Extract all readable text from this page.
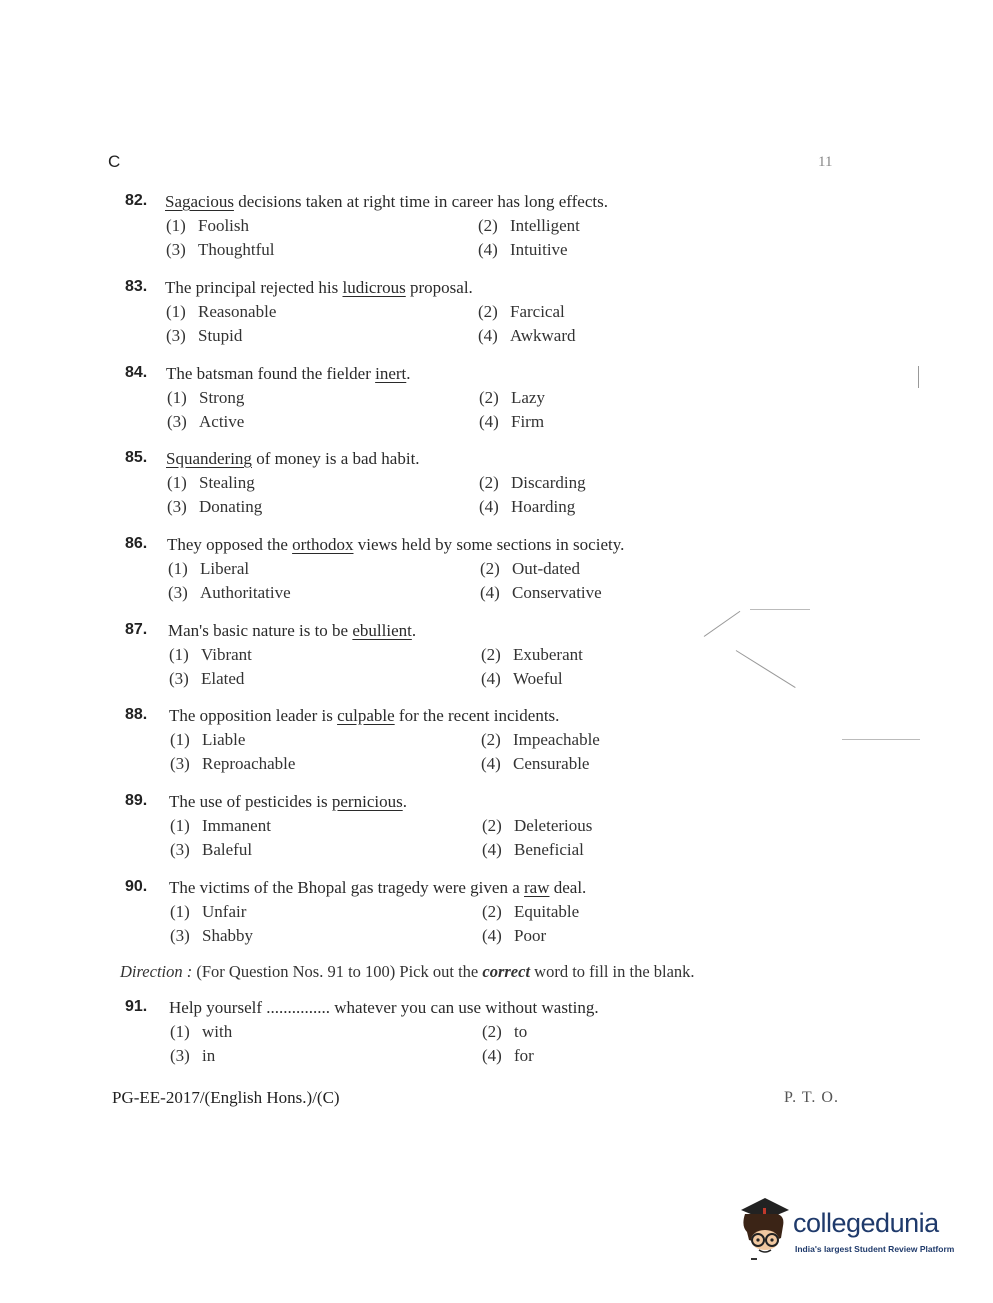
C	11
82. Sagacious decisions taken at right time in career has long effects.
(1) Foolish	(2) Intelligent
(3) Thoughtful	(4) Intuitive
83. The principal rejected his ludicrous proposal.
(1) Reasonable	(2) Farcical
(3) Stupid	(4) Awkward
84. The batsman found the fielder inert.
(1) Strong	(2) Lazy
(3) Active	(4) Firm
85. Squandering of money is a bad habit.
(1) Stealing	(2) Discarding
(3) Donating	(4) Hoarding
86. They opposed the orthodox views held by some sections in society.
(1) Liberal	(2) Out-dated
(3) Authoritative	(4) Conservative
87. Man's basic nature is to be ebullient.
(1) Vibrant	(2) Exuberant
(3) Elated	(4) Woeful
88. The opposition leader is culpable for the recent incidents.
(1) Liable	(2) Impeachable
(3) Reproachable	(4) Censurable
89. The use of pesticides is pernicious.
(1) Immanent	(2) Deleterious
(3) Baleful	(4) Beneficial
90. The victims of the Bhopal gas tragedy were given a raw deal.
(1) Unfair	(2) Equitable
(3) Shabby	(4) Poor
91. Help yourself ............... whatever you can use without wasting.
(1) with	(2) to
(3) in	(4) for
Direction : (For Question Nos. 91 to 100) Pick out the correct word to fill in the blank.
PG-EE-2017/(English Hons.)/(C)	P. T. O.
collegedunia
India's largest Student Review Platform
